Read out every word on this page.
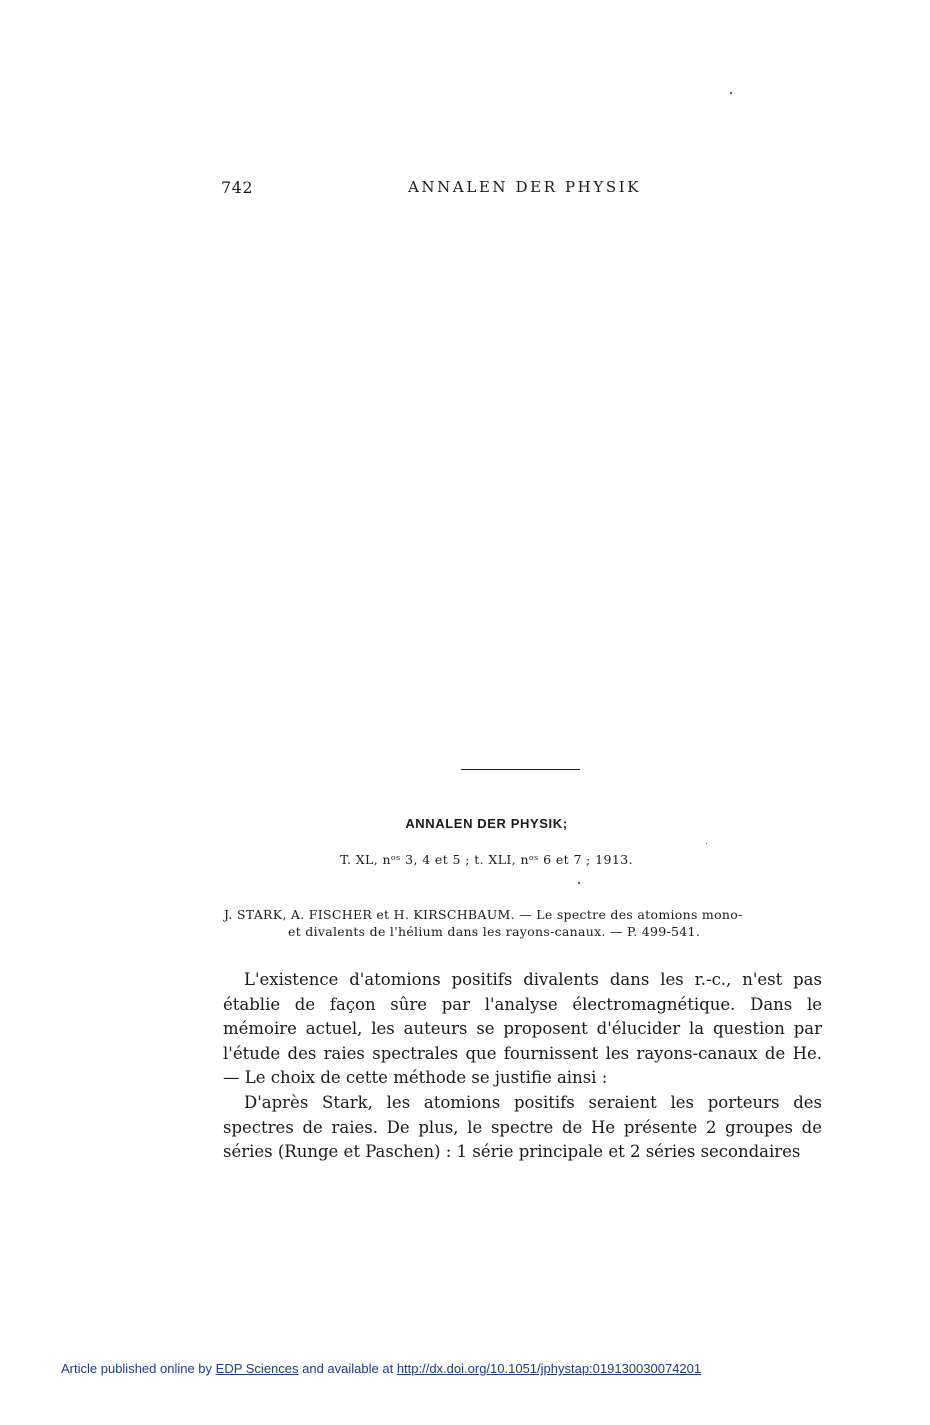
742	ANNALEN DER PHYSIK
ANNALEN DER PHYSIK;
T. XL, nᵒˢ 3, 4 et 5 ; t. XLI, nᵒˢ 6 et 7 ; 1913.
J. STARK, A. FISCHER et H. KIRSCHBAUM. — Le spectre des atomions mono-
et divalents de l'hélium dans les rayons-canaux. — P. 499-541.

L'existence d'atomions positifs divalents dans les r.-c., n'est pas établie de façon sûre par l'analyse électromagnétique. Dans le mémoire actuel, les auteurs se proposent d'élucider la question par l'étude des raies spectrales que fournissent les rayons-canaux de He. — Le choix de cette méthode se justifie ainsi :

D'après Stark, les atomions positifs seraient les porteurs des spectres de raies. De plus, le spectre de He présente 2 groupes de séries (Runge et Paschen) : 1 série principale et 2 séries secondaires

Article published online by EDP Sciences and available at http://dx.doi.org/10.1051/jphystap:019130030074201
